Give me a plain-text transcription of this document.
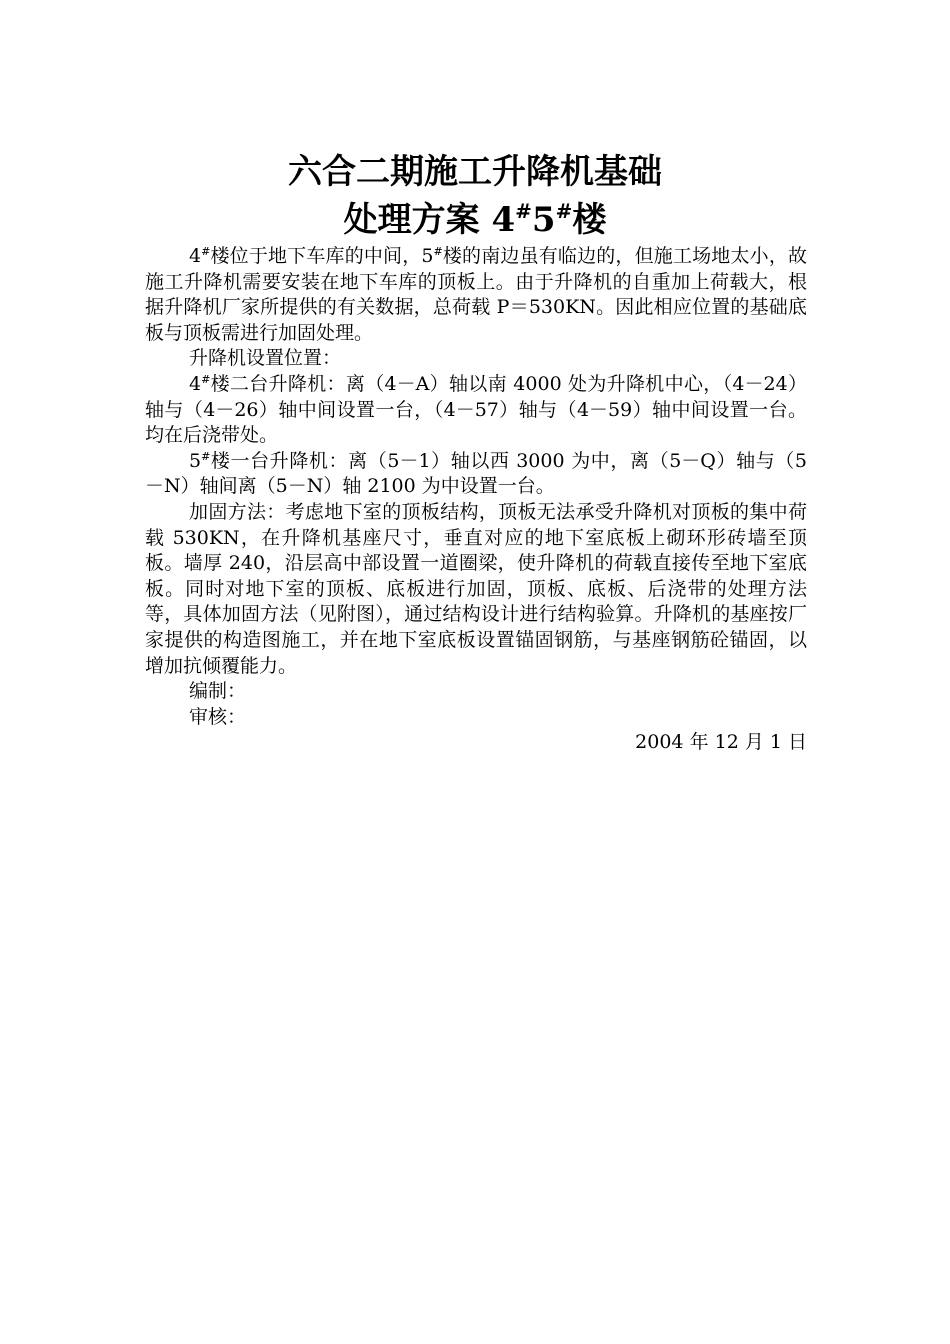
六合二期施工升降机基础
处理方案 4#5#楼

4#楼位于地下车库的中间，5#楼的南边虽有临边的，但施工场地太小，故施工升降机需要安装在地下车库的顶板上。由于升降机的自重加上荷载大，根据升降机厂家所提供的有关数据，总荷载 P＝530KN。因此相应位置的基础底板与顶板需进行加固处理。

升降机设置位置：

4#楼二台升降机：离（4－A）轴以南 4000 处为升降机中心，（4－24）轴与（4－26）轴中间设置一台，（4－57）轴与（4－59）轴中间设置一台。均在后浇带处。

5#楼一台升降机：离（5－1）轴以西 3000 为中，离（5－Q）轴与（5－N）轴间离（5－N）轴 2100 为中设置一台。

加固方法：考虑地下室的顶板结构，顶板无法承受升降机对顶板的集中荷　载 530KN，在升降机基座尺寸，垂直对应的地下室底板上砌环形砖墙至顶板。墙厚 240，沿层高中部设置一道圈梁，使升降机的荷载直接传至地下室底板。同时对地下室的顶板、底板进行加固，顶板、底板、后浇带的处理方法等，具体加固方法（见附图），通过结构设计进行结构验算。升降机的基座按厂家提供的构造图施工，并在地下室底板设置锚固钢筋，与基座钢筋砼锚固，以增加抗倾覆能力。

编制：

审核：

2004 年 12 月 1 日
